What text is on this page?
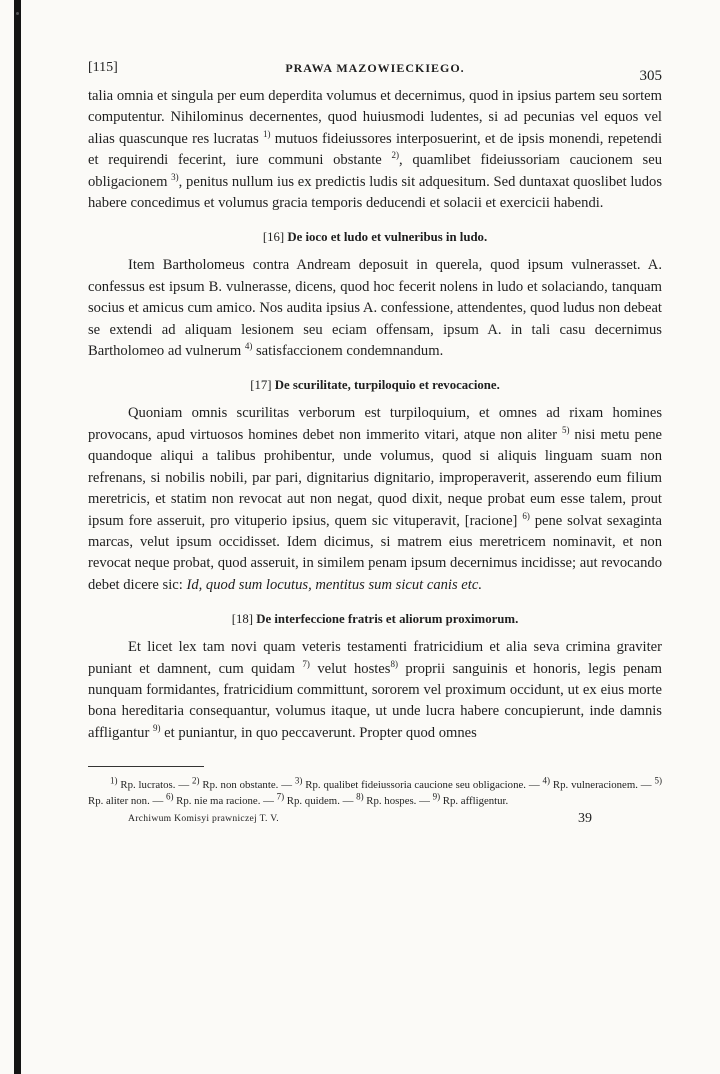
[115]	PRAWA MAZOWIECKIEGO.	305

talia omnia et singula per eum deperdita volumus et decernimus, quod in ipsius partem seu sortem computentur. Nihilominus decernentes, quod huiusmodi ludentes, si ad pecunias vel equos vel alias quascunque res lucratas $^{1)}$ mutuos fideiussores interposuerint, et de ipsis monendi, repetendi et requirendi fecerint, iure communi obstante $^{2)}$, quamlibet fideiussoriam caucionem seu obligacionem $^{3)}$, penitus nullum ius ex predictis ludis sit adquesitum. Sed duntaxat quoslibet ludos habere concedimus et volumus gracia temporis deducendi et solacii et exercicii habendi.

[16] De ioco et ludo et vulneribus in ludo.

Item Bartholomeus contra Andream deposuit in querela, quod ipsum vulnerasset. A. confessus est ipsum B. vulnerasse, dicens, quod hoc fecerit nolens in ludo et solaciando, tanquam socius et amicus cum amico. Nos audita ipsius A. confessione, attendentes, quod ludus non debeat se extendi ad aliquam lesionem seu eciam offensam, ipsum A. in tali casu decernimus Bartholomeo ad vulnerum $^{4)}$ satisfaccionem condemnandum.

[17] De scurilitate, turpiloquio et revocacione.

Quoniam omnis scurilitas verborum est turpiloquium, et omnes ad rixam homines provocans, apud virtuosos homines debet non immerito vitari, atque non aliter $^{5)}$ nisi metu pene quandoque aliqui a talibus prohibentur, unde volumus, quod si aliquis linguam suam non refrenans, si nobilis nobili, par pari, dignitarius dignitario, improperaverit, asserendo eum filium meretricis, et statim non revocat aut non negat, quod dixit, neque probat eum esse talem, prout ipsum fore asseruit, pro vituperio ipsius, quem sic vituperavit, [racione] $^{6)}$ pene solvat sexaginta marcas, velut ipsum occidisset. Idem dicimus, si matrem eius meretricem nominavit, et non revocat neque probat, quod asseruit, in similem penam ipsum decernimus incidisse; aut revocando debet dicere sic: Id, quod sum locutus, mentitus sum sicut canis etc.

[18] De interfeccione fratris et aliorum proximorum.

Et licet lex tam novi quam veteris testamenti fratricidium et alia seva crimina graviter puniant et damnent, cum quidam $^{7)}$ velut hostes$^{8)}$ proprii sanguinis et honoris, legis penam nunquam formidantes, fratricidium committunt, sororem vel proximum occidunt, ut ex eius morte bona hereditaria consequantur, volumus itaque, ut unde lucra habere concupierunt, inde damnis affligantur $^{9)}$ et puniantur, in quo peccaverunt. Propter quod omnes

$^{1)}$ Rp. lucratos. — $^{2)}$ Rp. non obstante. — $^{3)}$ Rp. qualibet fideiussoria caucione seu obligacione. — $^{4)}$ Rp. vulneracionem. — $^{5)}$ Rp. aliter non. — $^{6)}$ Rp. nie ma racione. — $^{7)}$ Rp. quidem. — $^{8)}$ Rp. hospes. — $^{9)}$ Rp. affligentur.

Archiwum Komisyi prawniczej T. V.	39
